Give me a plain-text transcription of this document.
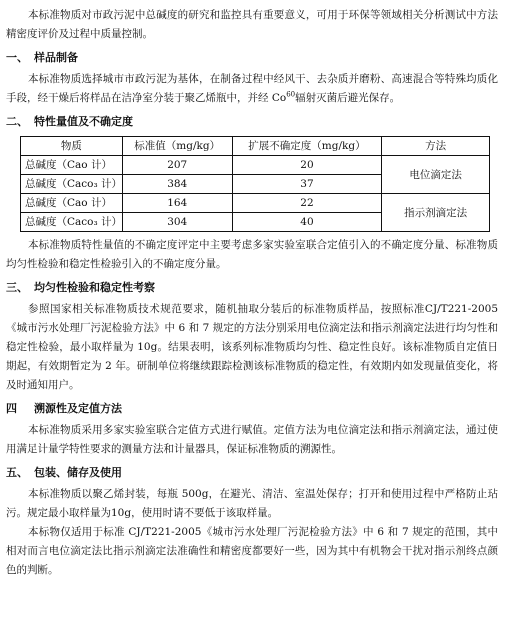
本标准物质对市政污泥中总碱度的研究和监控具有重要意义，可用于环保等领域相关分析测试中方法精密度评价及过程中质量控制。

一、 样品制备

本标准物质选择城市市政污泥为基体，在制备过程中经风干、去杂质并磨粉、高速混合等特殊均质化手段，经干燥后将样品在洁净室分装于聚乙烯瓶中，并经 Co$^{60}$辐射灭菌后避光保存。

二、 特性量值及不确定度
物质	标准值（mg/kg）	扩展不确定度（mg/kg）	方法
总碱度（Cao 计）	207	20	电位滴定法
总碱度（Caco₃ 计）	384	37	
总碱度（Cao 计）	164	22	指示剂滴定法
总碱度（Caco₃ 计）	304	40	

本标准物质特性量值的不确定度评定中主要考虑多家实验室联合定值引入的不确定度分量、标准物质均匀性检验和稳定性检验引入的不确定度分量。

三、 均匀性检验和稳定性考察

参照国家相关标准物质技术规范要求，随机抽取分装后的标准物质样品，按照标准CJ/T221-2005《城市污水处理厂污泥检验方法》中 6 和 7 规定的方法分别采用电位滴定法和指示剂滴定法进行均匀性和稳定性检验，最小取样量为 10g。结果表明，该系列标准物质均匀性、稳定性良好。该标准物质自定值日期起，有效期暂定为 2 年。研制单位将继续跟踪检测该标准物质的稳定性，有效期内如发现量值变化，将及时通知用户。

四 溯源性及定值方法

本标准物质采用多家实验室联合定值方式进行赋值。定值方法为电位滴定法和指示剂滴定法，通过使用满足计量学特性要求的测量方法和计量器具，保证标准物质的溯源性。

五、 包装、储存及使用

本标准物质以聚乙烯封装，每瓶 500g，在避光、清洁、室温处保存；打开和使用过程中严格防止玷污。规定最小取样量为10g，使用时请不要低于该取样量。

本标物仅适用于标准 CJ/T221-2005《城市污水处理厂污泥检验方法》中 6 和 7 规定的范围，其中相对而言电位滴定法比指示剂滴定法准确性和精密度都要好一些，因为其中有机物会干扰对指示剂终点颜色的判断。
